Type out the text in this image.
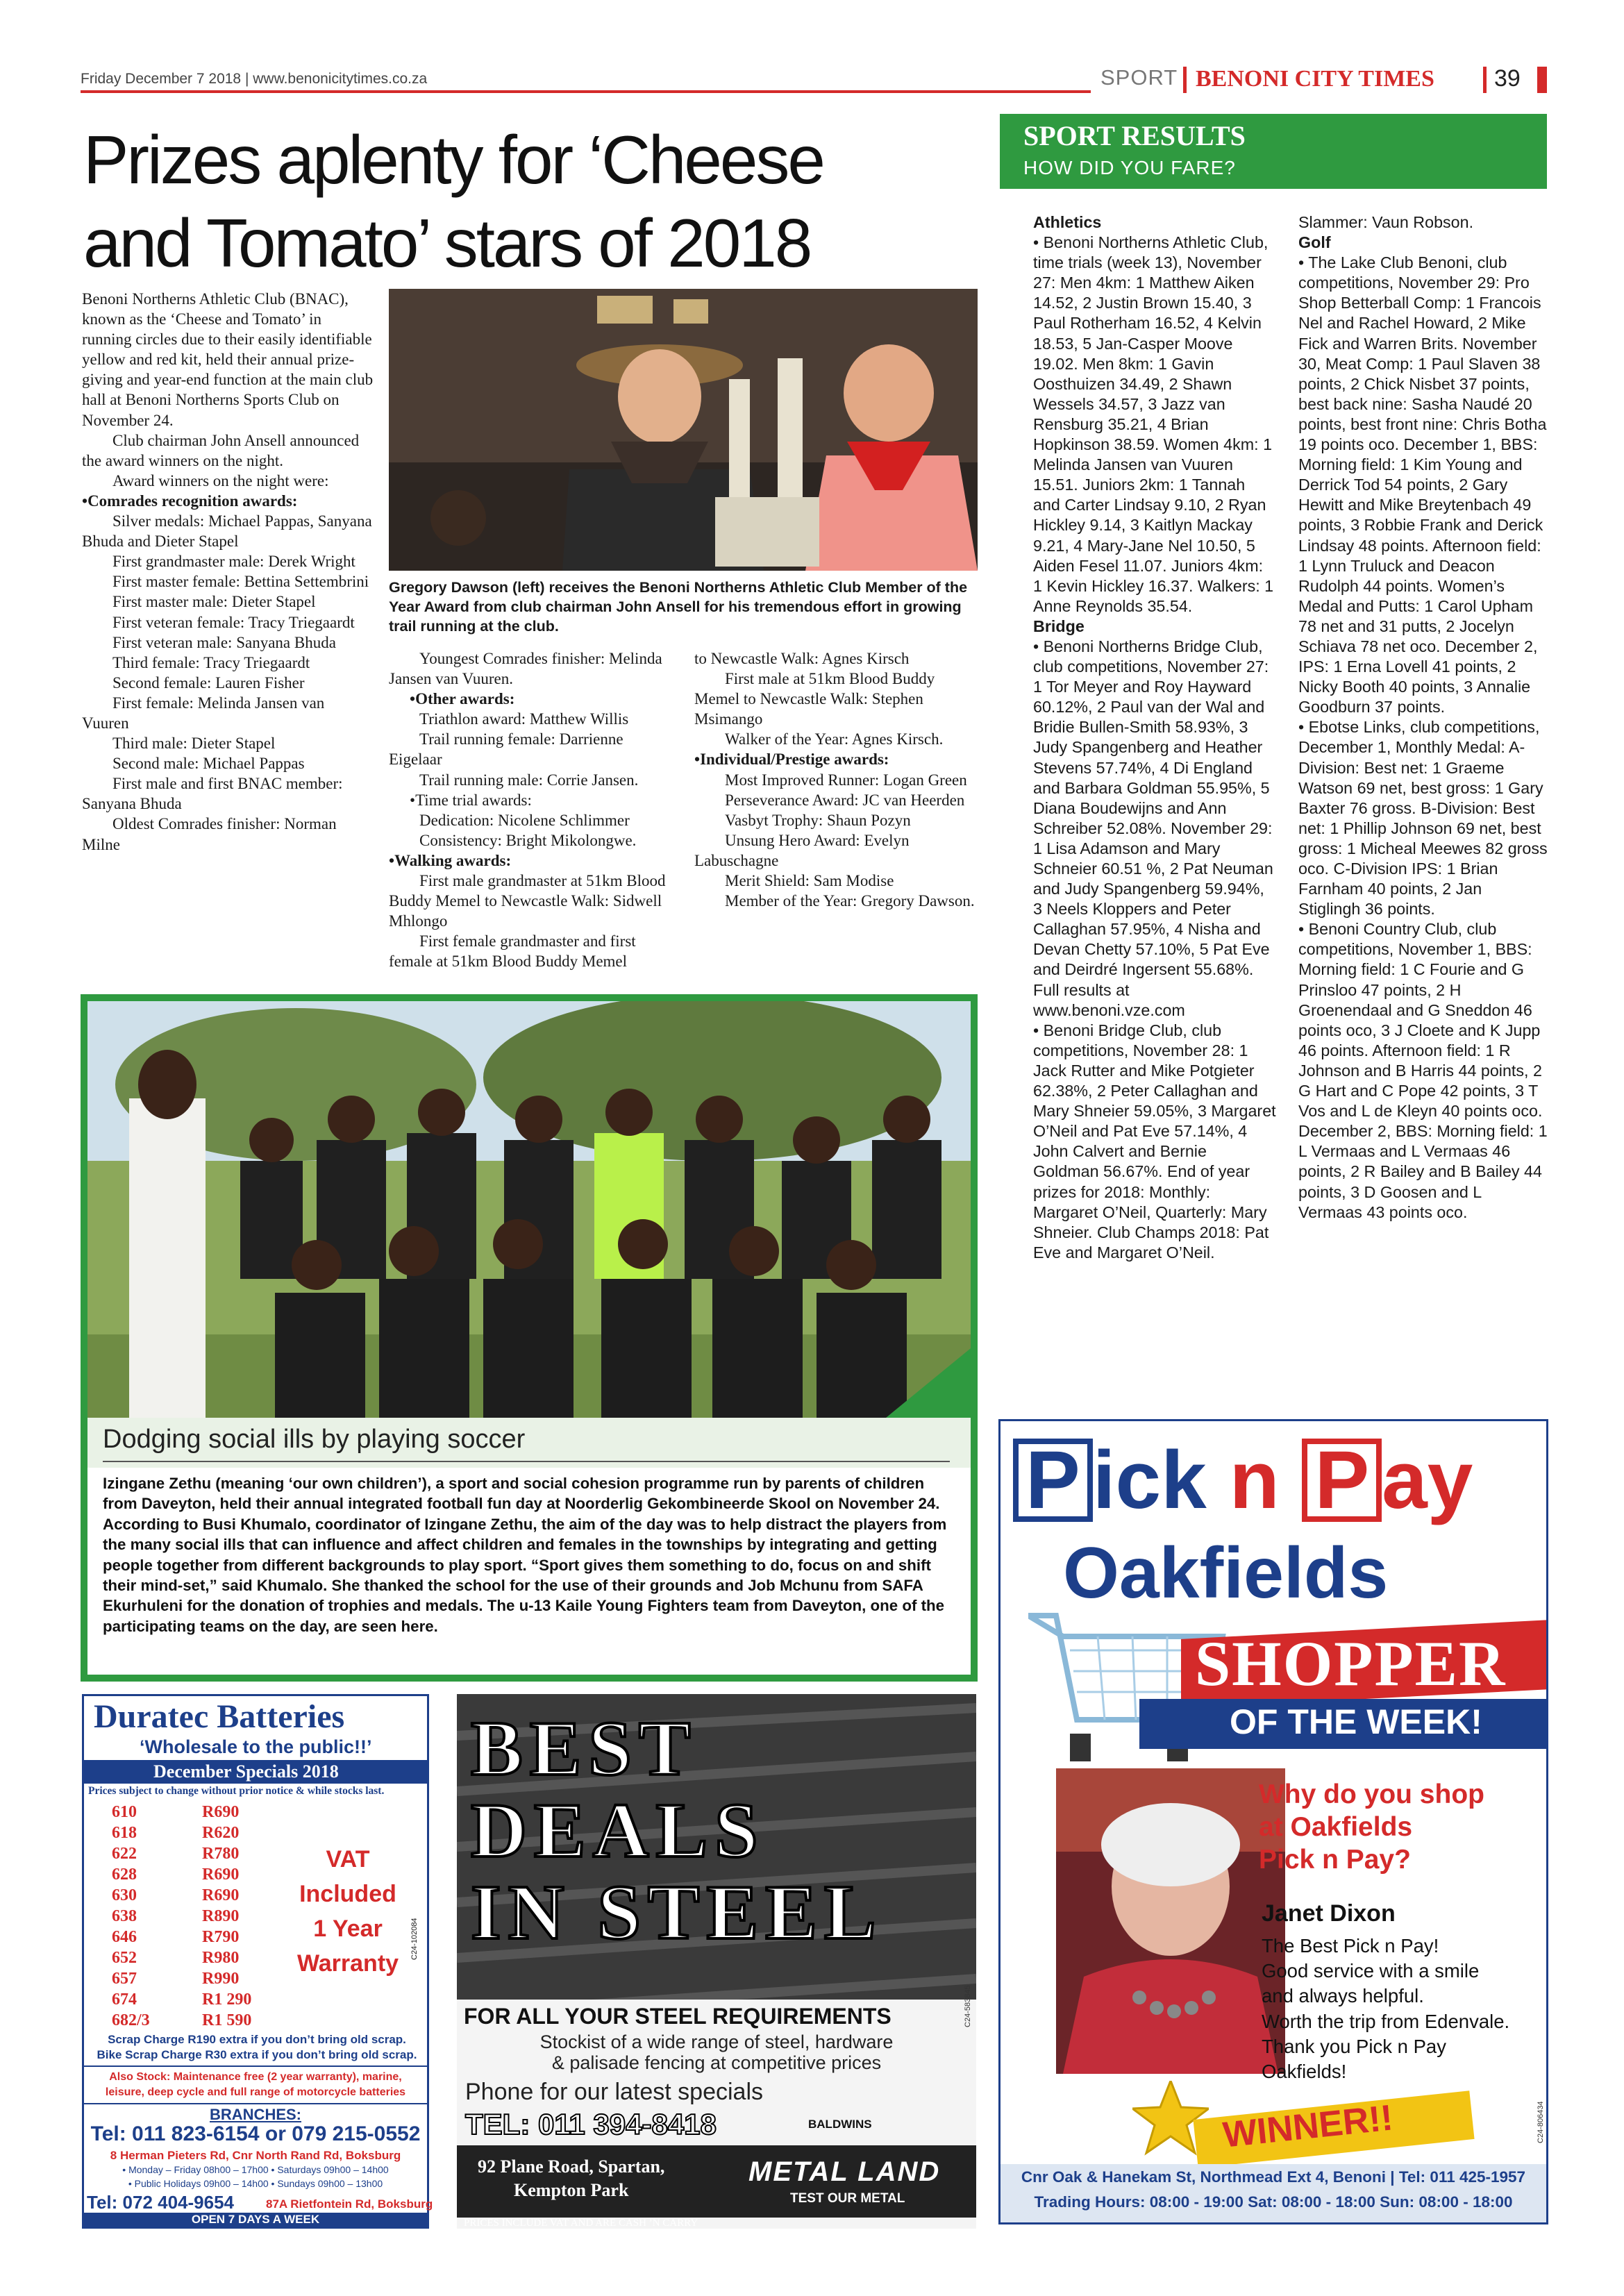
Friday December 7 2018 | www.benonicitytimes.co.za	SPORT BENONI CITY TIMES	39
Prizes aplenty for ‘Cheese
and Tomato’ stars of 2018

Benoni Northerns Athletic Club (BNAC), known as the ‘Cheese and Tomato’ in running circles due to their easily identifiable yellow and red kit, held their annual prize-giving and year-end function at the main club hall at Benoni Northerns Sports Club on November 24.

Club chairman John Ansell announced the award winners on the night.

Award winners on the night were:

• Comrades recognition awards:

Silver medals: Michael Pappas, Sanyana Bhuda and Dieter Stapel

First grandmaster male: Derek Wright

First master female: Bettina Settembrini

First master male: Dieter Stapel

First veteran female: Tracy Triegaardt

First veteran male: Sanyana Bhuda

Third female: Tracy Triegaardt

Second female: Lauren Fisher

First female: Melinda Jansen van Vuuren

Third male: Dieter Stapel

Second male: Michael Pappas

First male and first BNAC member: Sanyana Bhuda

Oldest Comrades finisher: Norman Milne

Gregory Dawson (left) receives the Benoni Northerns Athletic Club Member of the Year Award from club chairman John Ansell for his tremendous effort in growing trail running at the club.

Youngest Comrades finisher: Melinda Jansen van Vuuren.

• Other awards:

Triathlon award: Matthew Willis

Trail running female: Darrienne Eigelaar

Trail running male: Corrie Jansen.

• Time trial awards:

Dedication: Nicolene Schlimmer

Consistency: Bright Mikolongwe.

• Walking awards:

First male grandmaster at 51km Blood Buddy Memel to Newcastle Walk: Sidwell Mhlongo

First female grandmaster and first female at 51km Blood Buddy Memel

to Newcastle Walk: Agnes Kirsch

First male at 51km Blood Buddy Memel to Newcastle Walk: Stephen Msimango

Walker of the Year: Agnes Kirsch.

• Individual/Prestige awards:

Most Improved Runner: Logan Green

Perseverance Award: JC van Heerden

Vasbyt Trophy: Shaun Pozyn

Unsung Hero Award: Evelyn Labuschagne

Merit Shield: Sam Modise

Member of the Year: Gregory Dawson.

Dodging social ills by playing soccer
Izingane Zethu (meaning ‘our own children’), a sport and social cohesion programme run by parents of children from Daveyton, held their annual integrated football fun day at Noorderlig Gekombineerde Skool on November 24. According to Busi Khumalo, coordinator of Izingane Zethu, the aim of the day was to help distract the players from the many social ills that can influence and affect children and females in the townships by integrating and getting people together from different backgrounds to play sport. “Sport gives them something to do, focus on and shift their mind-set,” said Khumalo. She thanked the school for the use of their grounds and Job Mchunu from SAFA Ekurhuleni for the donation of trophies and medals. The u-13 Kaile Young Fighters team from Daveyton, one of the participating teams on the day, are seen here.
SPORT RESULTS
HOW DID YOU FARE?

Athletics

• Benoni Northerns Athletic Club, time trials (week 13), November 27: Men 4km: 1 Matthew Aiken 14.52, 2 Justin Brown 15.40, 3 Paul Rotherham 16.52, 4 Kelvin 18.53, 5 Jan-Casper Moove 19.02. Men 8km: 1 Gavin Oosthuizen 34.49, 2 Shawn Wessels 34.57, 3 Jazz van Rensburg 35.21, 4 Brian Hopkinson 38.59. Women 4km: 1 Melinda Jansen van Vuuren 15.51. Juniors 2km: 1 Tannah and Carter Lindsay 9.10, 2 Ryan Hickley 9.14, 3 Kaitlyn Mackay 9.21, 4 Mary-Jane Nel 10.50, 5 Aiden Fesel 11.07. Juniors 4km: 1 Kevin Hickley 16.37. Walkers: 1 Anne Reynolds 35.54.

Bridge

• Benoni Northerns Bridge Club, club competitions, November 27: 1 Tor Meyer and Roy Hayward 60.12%, 2 Paul van der Wal and Bridie Bullen-Smith 58.93%, 3 Judy Spangenberg and Heather Stevens 57.74%, 4 Di England and Barbara Goldman 55.95%, 5 Diana Boudewijns and Ann Schreiber 52.08%. November 29: 1 Lisa Adamson and Mary Schneier 60.51 %, 2 Pat Neuman and Judy Spangenberg 59.94%, 3 Neels Kloppers and Peter Callaghan 57.95%, 4 Nisha and Devan Chetty 57.10%, 5 Pat Eve and Deirdré Ingersent 55.68%. Full results at www.benoni.vze.com

• Benoni Bridge Club, club competitions, November 28: 1 Jack Rutter and Mike Potgieter 62.38%, 2 Peter Callaghan and Mary Shneier 59.05%, 3 Margaret O’Neil and Pat Eve 57.14%, 4 John Calvert and Bernie Goldman 56.67%. End of year prizes for 2018: Monthly: Margaret O’Neil, Quarterly: Mary Shneier. Club Champs 2018: Pat Eve and Margaret O’Neil.

Slammer: Vaun Robson.

Golf

• The Lake Club Benoni, club competitions, November 29: Pro Shop Betterball Comp: 1 Francois Nel and Rachel Howard, 2 Mike Fick and Warren Brits. November 30, Meat Comp: 1 Paul Slaven 38 points, 2 Chick Nisbet 37 points, best back nine: Sasha Naudé 20 points, best front nine: Chris Botha 19 points oco. December 1, BBS: Morning field: 1 Kim Young and Derrick Tod 54 points, 2 Gary Hewitt and Mike Breytenbach 49 points, 3 Robbie Frank and Derick Lindsay 48 points. Afternoon field: 1 Lynn Truluck and Deacon Rudolph 44 points. Women’s Medal and Putts: 1 Carol Upham 78 net and 31 putts, 2 Jocelyn Schiava 78 net oco. December 2, IPS: 1 Erna Lovell 41 points, 2 Nicky Booth 40 points, 3 Annalie Goodburn 37 points.

• Ebotse Links, club competitions, December 1, Monthly Medal: A-Division: Best net: 1 Graeme Watson 69 net, best gross: 1 Gary Baxter 76 gross. B-Division: Best net: 1 Phillip Johnson 69 net, best gross: 1 Micheal Meewes 82 gross oco. C-Division IPS: 1 Brian Farnham 40 points, 2 Jan Stiglingh 36 points.

• Benoni Country Club, club competitions, November 1, BBS: Morning field: 1 C Fourie and G Prinsloo 47 points, 2 H Groenendaal and G Sneddon 46 points oco, 3 J Cloete and K Jupp 46 points. Afternoon field: 1 R Johnson and B Harris 44 points, 2 G Hart and C Pope 42 points, 3 T Vos and L de Kleyn 40 points oco. December 2, BBS: Morning field: 1 L Vermaas and L Vermaas 46 points, 2 R Bailey and B Bailey 44 points, 3 D Goosen and L Vermaas 43 points oco.

Duratec Batteries
‘Wholesale to the public!!’
December Specials 2018
Prices subject to change without prior notice & while stocks last.
610	R690
618	R620
622	R780
628	R690
630	R690
638	R890
646	R790
652	R980
657	R990
674	R1 290
682/3	R1 590
VAT
Included
1 Year
Warranty
C24-102084
Scrap Charge R190 extra if you don’t bring old scrap.
Bike Scrap Charge R30 extra if you don’t bring old scrap.
Also Stock: Maintenance free (2 year warranty), marine, leisure, deep cycle and full range of motorcycle batteries
BRANCHES:
Tel: 011 823-6154 or 079 215-0552
8 Herman Pieters Rd, Cnr North Rand Rd, Boksburg
• Monday – Friday 08h00 – 17h00 • Saturdays 09h00 – 14h00
• Public Holidays 09h00 – 14h00 • Sundays 09h00 – 13h00
Tel: 072 404-9654	87A Rietfontein Rd, Boksburg
OPEN 7 DAYS A WEEK
BEST
DEALS
IN STEEL
FOR ALL YOUR STEEL REQUIREMENTS
Stockist of a wide range of steel, hardware
& palisade fencing at competitive prices
Phone for our latest specials
TEL: 011 394-8418
92 Plane Road, Spartan,
Kempton Park
BALDWINS
METAL LAND
TEST OUR METAL
PRICES INCLUDE VAT AND ARE CASH ’N CARRY
C24-583845
P ick n P ay
Oakfields
SHOPPER
OF THE WEEK!
Why do you shop
at Oakfields
Pick n Pay?
Janet Dixon
The Best Pick n Pay!
Good service with a smile
and always helpful.
Worth the trip from Edenvale.
Thank you Pick n Pay
Oakfields!
WINNER!!	C24-806434
Cnr Oak & Hanekam St, Northmead Ext 4, Benoni | Tel: 011 425-1957
Trading Hours: 08:00 - 19:00 Sat: 08:00 - 18:00 Sun: 08:00 - 18:00
